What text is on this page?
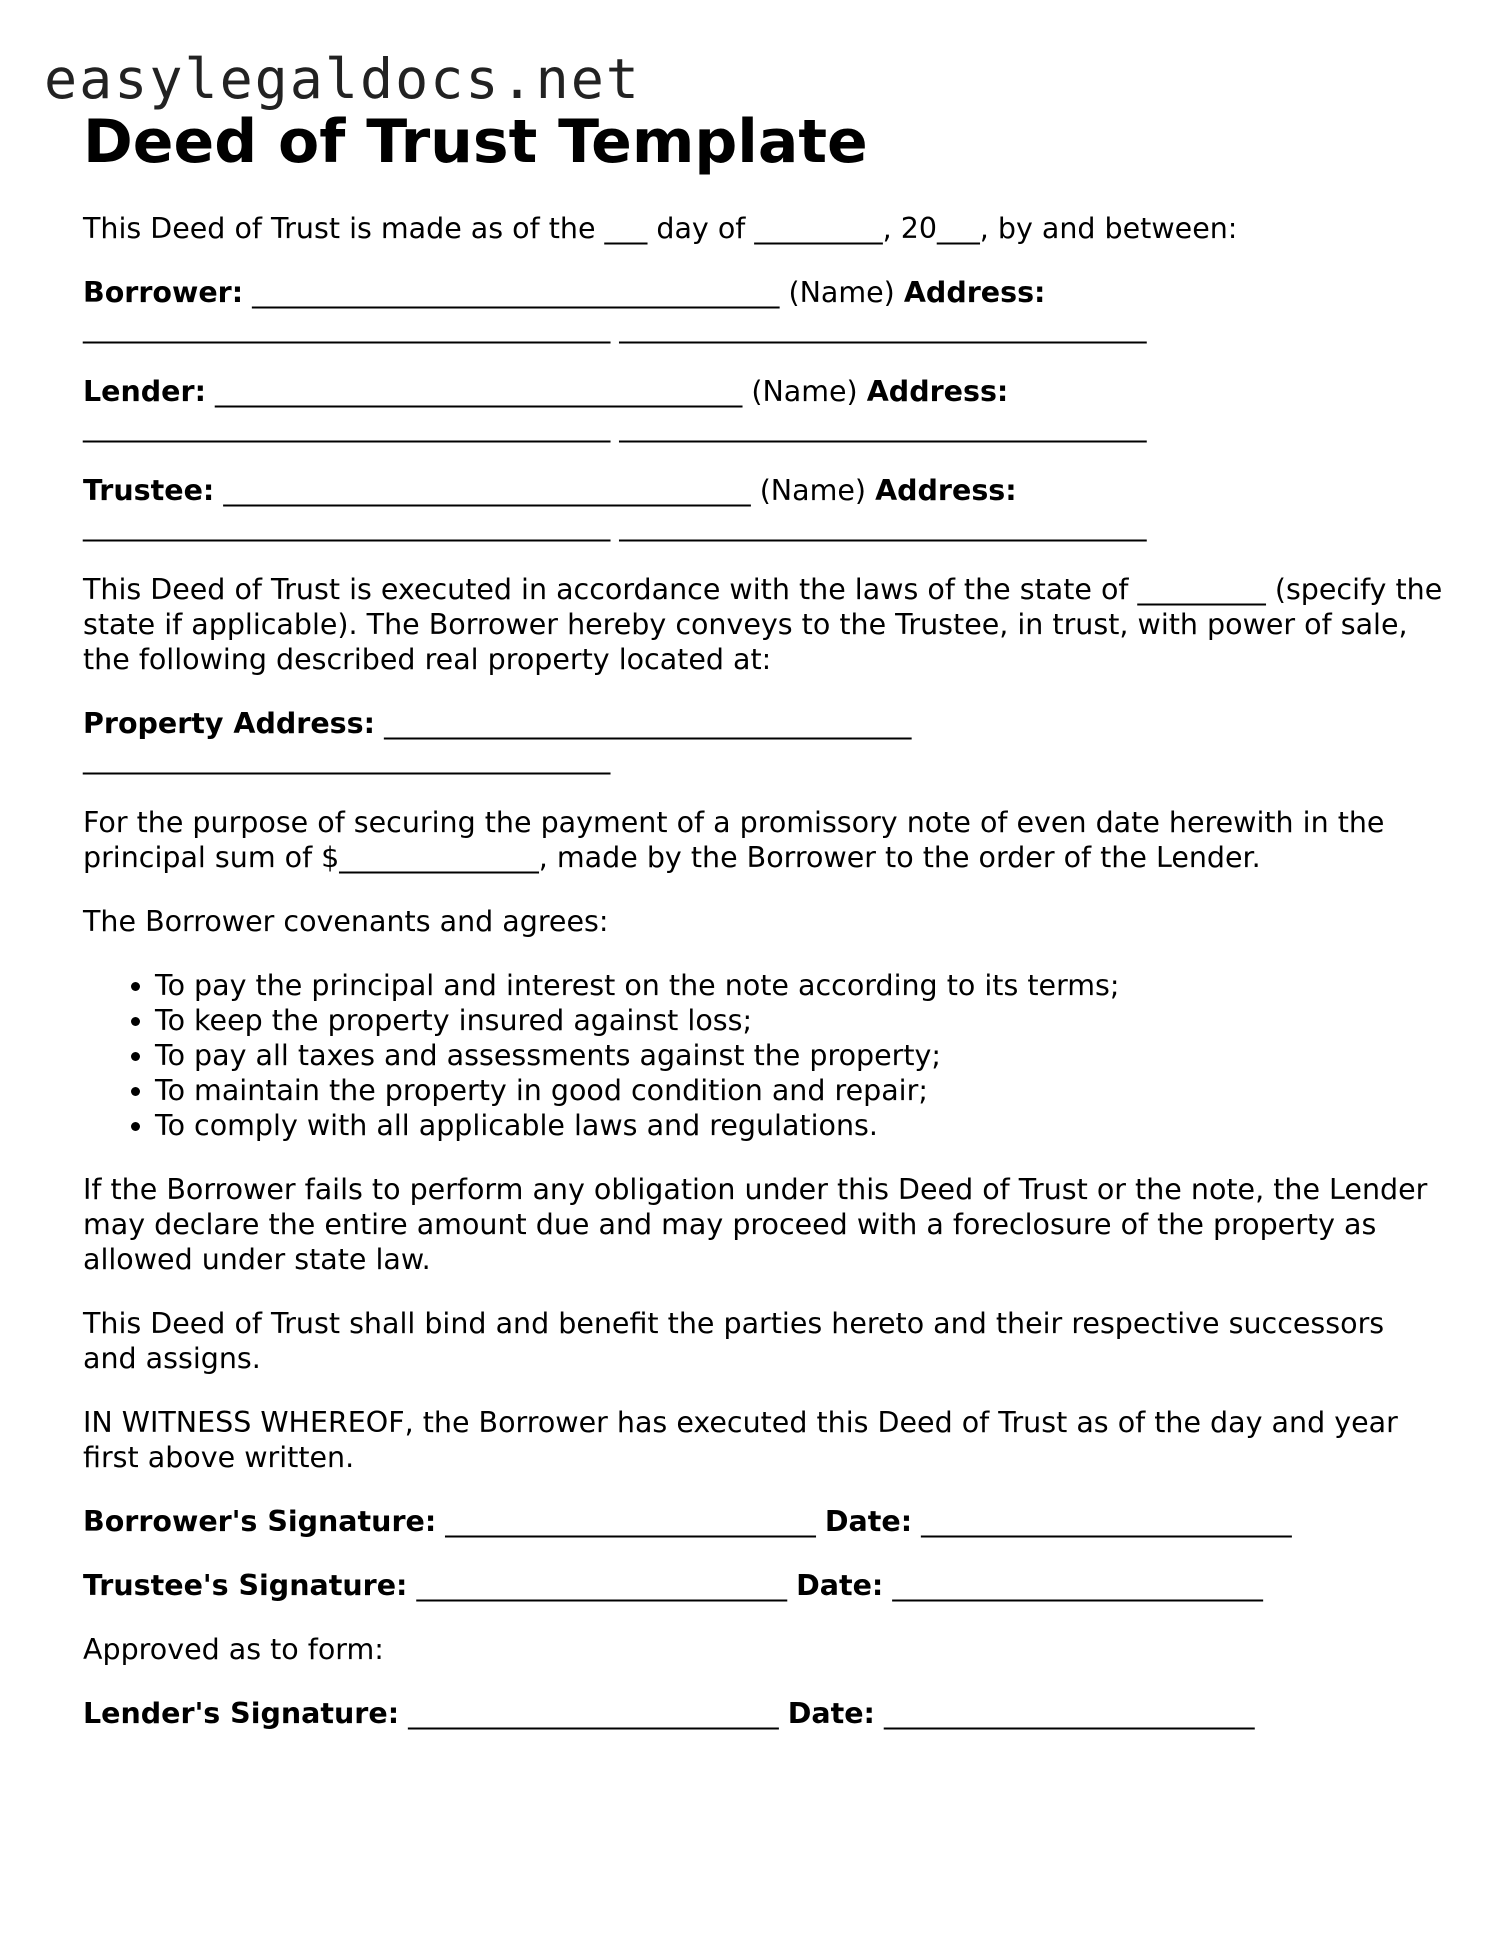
easylegaldocs.net
Deed of Trust Template

This Deed of Trust is made as of the ___ day of _________, 20___, by and between:

Borrower: _____________________________________ (Name) Address: _____________________________________ _____________________________________

Lender: _____________________________________ (Name) Address: _____________________________________ _____________________________________

Trustee: _____________________________________ (Name) Address: _____________________________________ _____________________________________

This Deed of Trust is executed in accordance with the laws of the state of _________ (specify the state if applicable). The Borrower hereby conveys to the Trustee, in trust, with power of sale, the following described real property located at:

Property Address: _____________________________________ _____________________________________

For the purpose of securing the payment of a promissory note of even date herewith in the principal sum of $______________, made by the Borrower to the order of the Lender.

The Borrower covenants and agrees:

• To pay the principal and interest on the note according to its terms;
• To keep the property insured against loss;
• To pay all taxes and assessments against the property;
• To maintain the property in good condition and repair;
• To comply with all applicable laws and regulations.

If the Borrower fails to perform any obligation under this Deed of Trust or the note, the Lender may declare the entire amount due and may proceed with a foreclosure of the property as allowed under state law.

This Deed of Trust shall bind and benefit the parties hereto and their respective successors and assigns.

IN WITNESS WHEREOF, the Borrower has executed this Deed of Trust as of the day and year first above written.

Borrower's Signature: __________________________ Date: __________________________

Trustee's Signature: __________________________ Date: __________________________

Approved as to form:

Lender's Signature: __________________________ Date: __________________________
